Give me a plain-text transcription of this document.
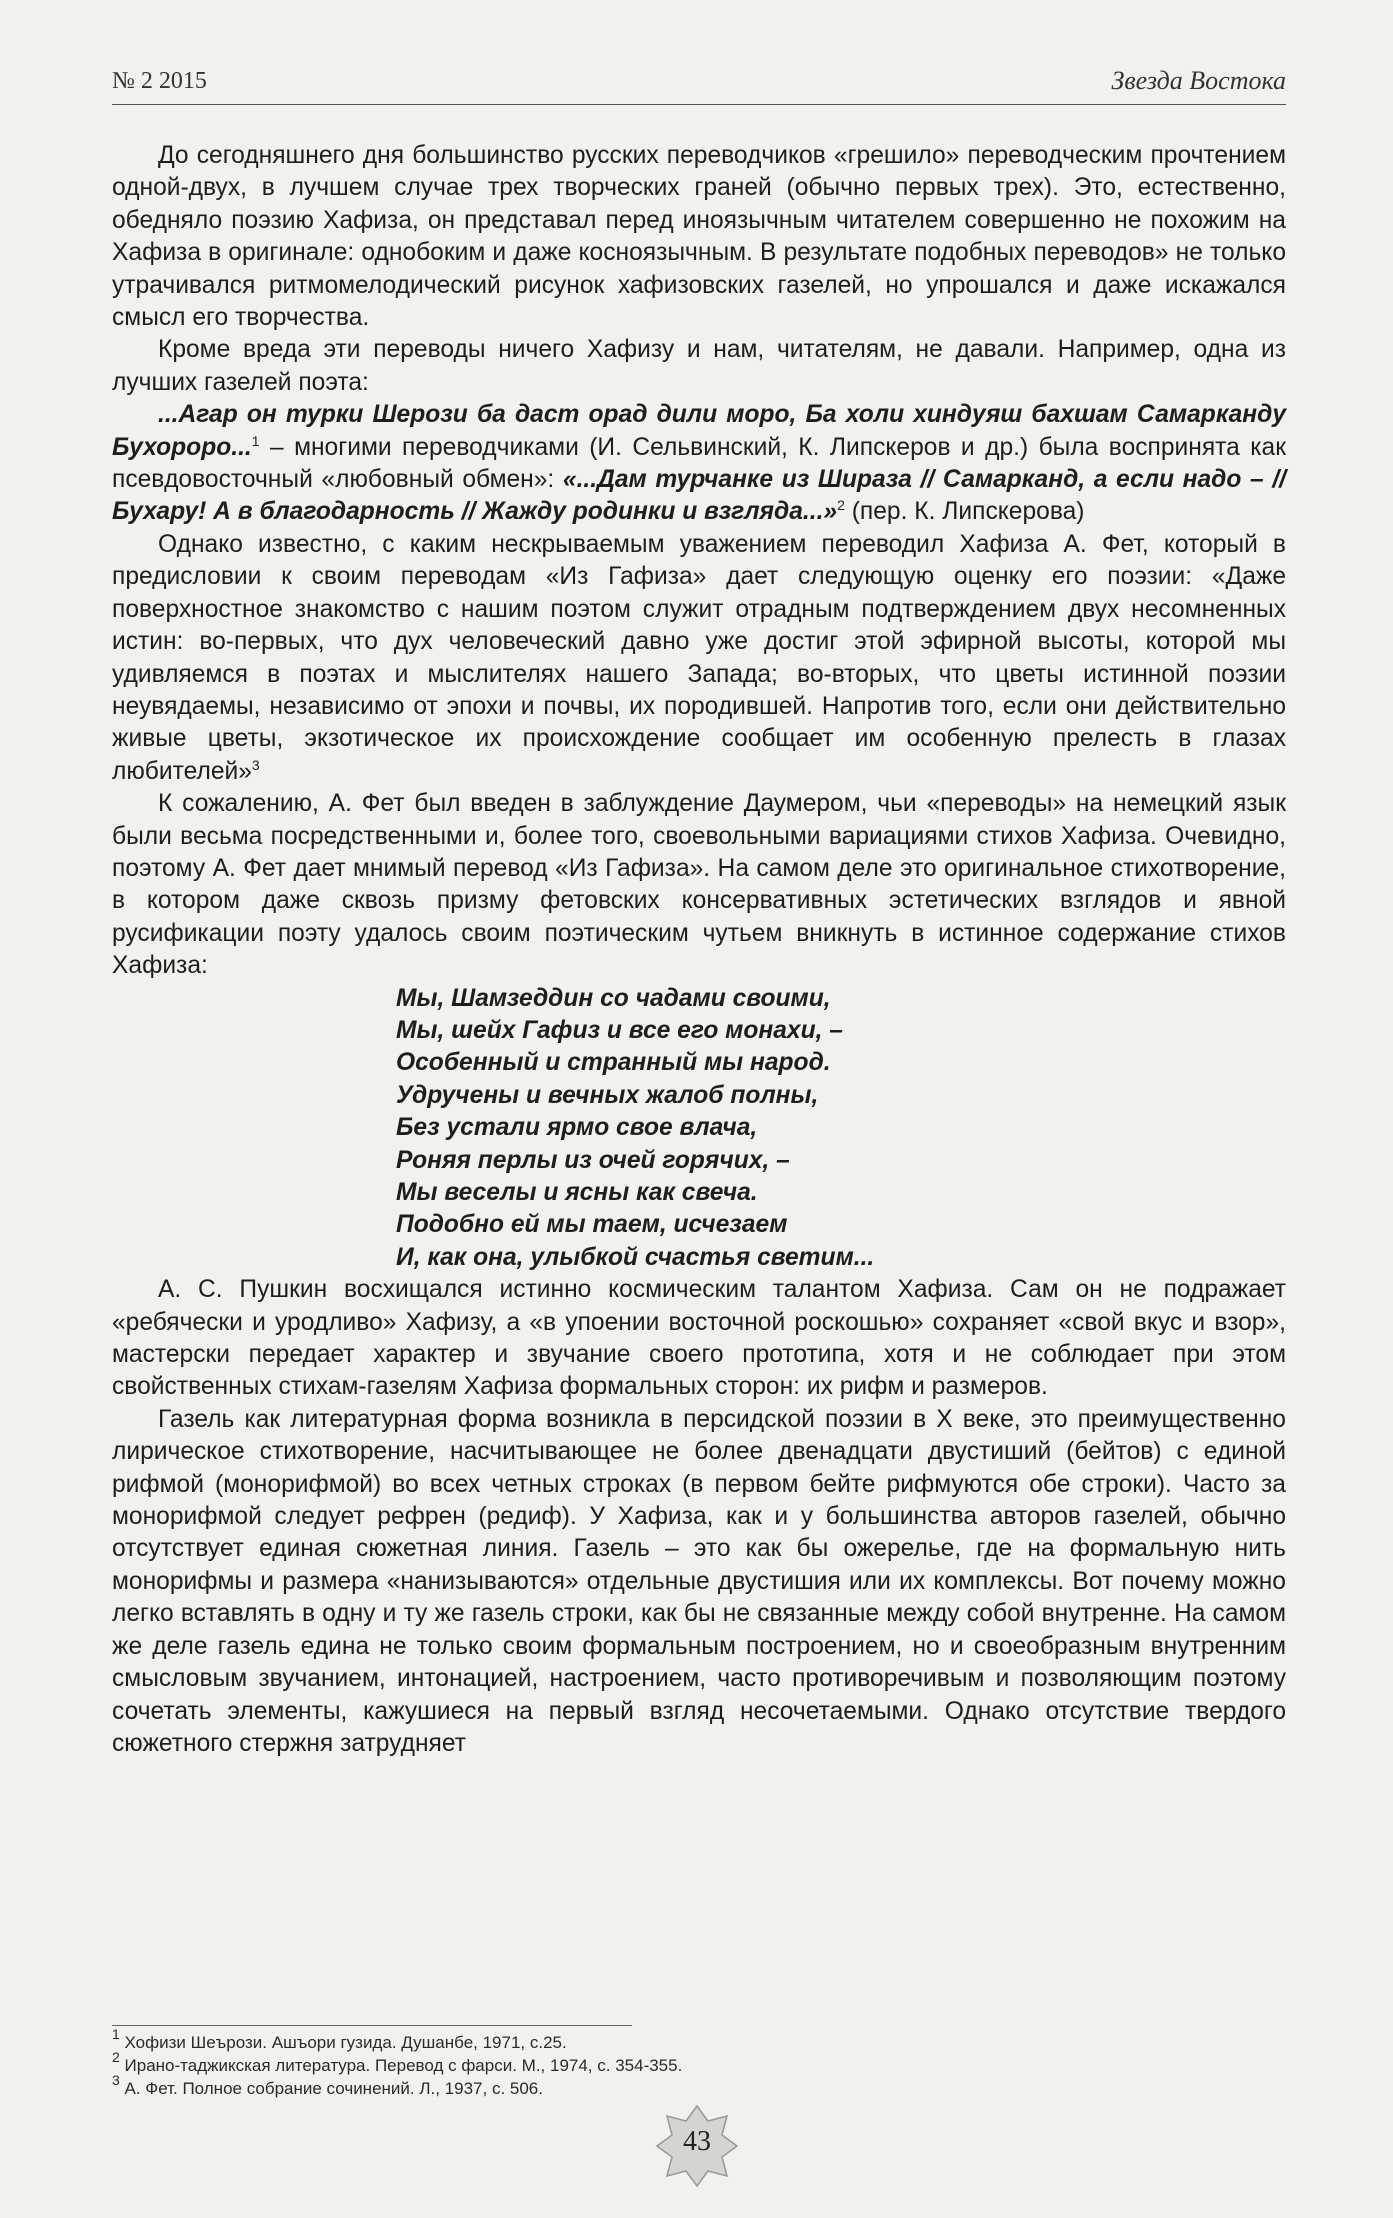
№ 2 2015	Звезда Востока

До сегодняшнего дня большинство русских переводчиков «грешило» переводческим прочтением одной-двух, в лучшем случае трех творческих граней (обычно первых трех). Это, естественно, обедняло поэзию Хафиза, он представал перед иноязычным читателем совершенно не похожим на Хафиза в оригинале: однобоким и даже косноязычным. В результате подобных переводов» не только утрачивался ритмомелодический рисунок хафизовских газелей, но упрошался и даже искажался смысл его творчества.

Кроме вреда эти переводы ничего Хафизу и нам, читателям, не давали. Например, одна из лучших газелей поэта:

...Агар он турки Шерози ба даст орад дили моро, Ба холи хиндуяш бахшам Самарканду Бухороро...$^1$ – многими переводчиками (И. Сельвинский, К. Липскеров и др.) была воспринята как псевдовосточный «любовный обмен»: «...Дам турчанке из Шираза // Самарканд, а если надо – // Бухару! А в благодарность // Жажду родинки и взгляда...»$^2$ (пер. К. Липскерова)

Однако известно, с каким нескрываемым уважением переводил Хафиза А. Фет, который в предисловии к своим переводам «Из Гафиза» дает следующую оценку его поэзии: «Даже поверхностное знакомство с нашим поэтом служит отрадным подтверждением двух несомненных истин: во-первых, что дух человеческий давно уже достиг этой эфирной высоты, которой мы удивляемся в поэтах и мыслителях нашего Запада; во-вторых, что цветы истинной поэзии неувядаемы, независимо от эпохи и почвы, их породившей. Напротив того, если они действительно живые цветы, экзотическое их происхождение сообщает им особенную прелесть в глазах любителей»$^3$

К сожалению, А. Фет был введен в заблуждение Даумером, чьи «переводы» на немецкий язык были весьма посредственными и, более того, своевольными вариациями стихов Хафиза. Очевидно, поэтому А. Фет дает мнимый перевод «Из Гафиза». На самом деле это оригинальное стихотворение, в котором даже сквозь призму фетовских консервативных эстетических взглядов и явной русификации поэту удалось своим поэтическим чутьем вникнуть в истинное содержание стихов Хафиза:

Мы, Шамзеддин со чадами своими,
Мы, шейх Гафиз и все его монахи, –
Особенный и странный мы народ.
Удручены и вечных жалоб полны,
Без устали ярмо свое влача,
Роняя перлы из очей горячих, –
Мы веселы и ясны как свеча.
Подобно ей мы таем, исчезаем
И, как она, улыбкой счастья светим...

А. С. Пушкин восхищался истинно космическим талантом Хафиза. Сам он не подражает «ребячески и уродливо» Хафизу, а «в упоении восточной роскошью» сохраняет «свой вкус и взор», мастерски передает характер и звучание своего прототипа, хотя и не соблюдает при этом свойственных стихам-газелям Хафиза формальных сторон: их рифм и размеров.

Газель как литературная форма возникла в персидской поэзии в X веке, это преимущественно лирическое стихотворение, насчитывающее не более двенадцати двустиший (бейтов) с единой рифмой (монорифмой) во всех четных строках (в первом бейте рифмуются обе строки). Часто за монорифмой следует рефрен (редиф). У Хафиза, как и у большинства авторов газелей, обычно отсутствует единая сюжетная линия. Газель – это как бы ожерелье, где на формальную нить монорифмы и размера «нанизываются» отдельные двустишия или их комплексы. Вот почему можно легко вставлять в одну и ту же газель строки, как бы не связанные между собой внутренне. На самом же деле газель едина не только своим формальным построением, но и своеобразным внутренним смысловым звучанием, интонацией, настроением, часто противоречивым и позволяющим поэтому сочетать элементы, кажушиеся на первый взгляд несочетаемыми. Однако отсутствие твердого сюжетного стержня затрудняет

$^1$ Хофизи Шеърози. Ашъори гузида. Душанбе, 1971, с.25.
$^2$ Ирано-таджикская литература. Перевод с фарси. М., 1974, с. 354-355.
$^3$ А. Фет. Полное собрание сочинений. Л., 1937, с. 506.
43
